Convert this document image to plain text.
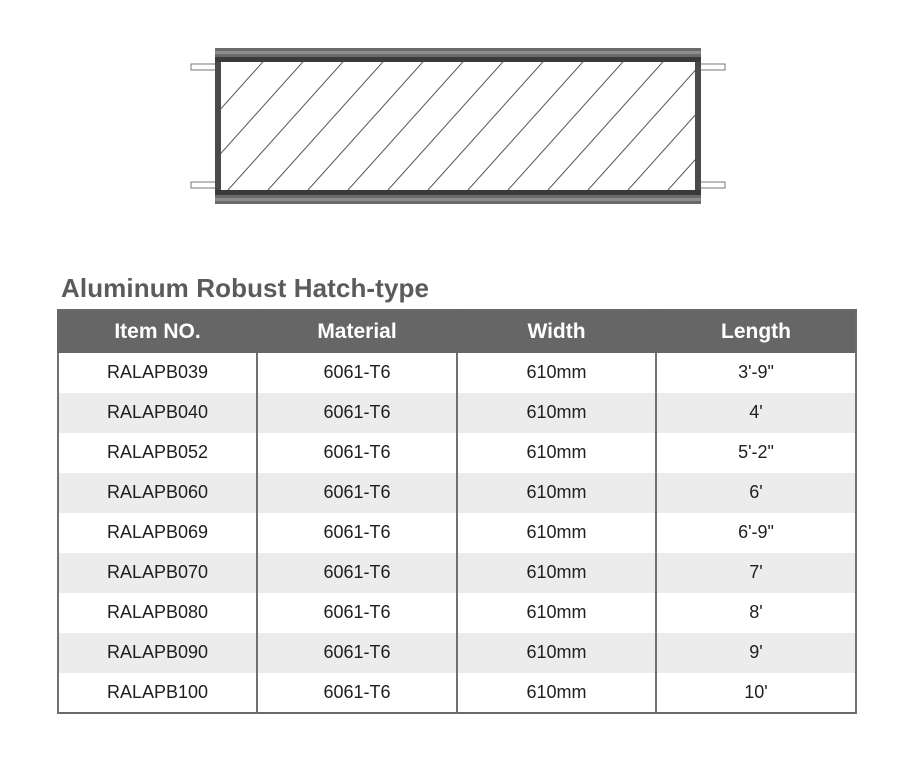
Aluminum Robust Hatch-type
Item NO.	Material	Width	Length
RALAPB039	6061-T6	610mm	3'-9"
RALAPB040	6061-T6	610mm	4'
RALAPB052	6061-T6	610mm	5'-2"
RALAPB060	6061-T6	610mm	6'
RALAPB069	6061-T6	610mm	6'-9"
RALAPB070	6061-T6	610mm	7'
RALAPB080	6061-T6	610mm	8'
RALAPB090	6061-T6	610mm	9'
RALAPB100	6061-T6	610mm	10'
